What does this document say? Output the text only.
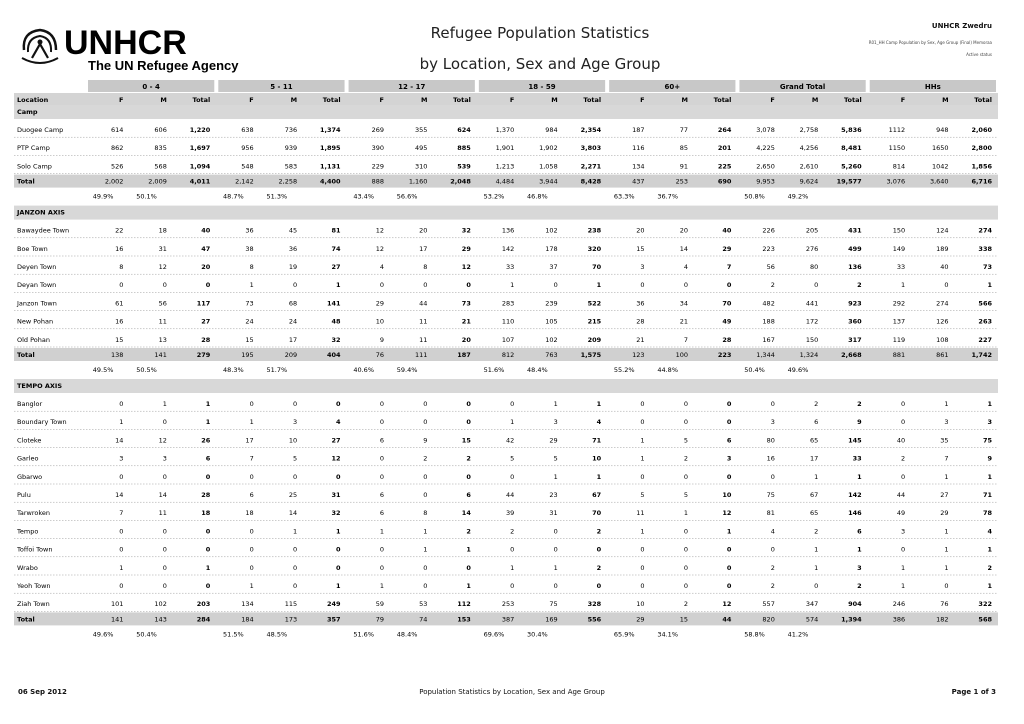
UNHCR
The UN Refugee Agency
Refugee Population Statistics
by Location, Sex and Age Group
UNHCR Zwedru
R01_HH Camp Population by Sex, Age Group (Final) Memoraa
Active status
0 - 4	5 - 11	12 - 17	18 - 59	60+	Grand Total	HHs
Location	F	M	Total	F	M	Total	F	M	Total	F	M	Total	F	M	Total	F	M	Total	F	M	Total
Camp
Duogee Camp	614	606	1,220	638	736	1,374	269	355	624	1,370	984	2,354	187	77	264	3,078	2,758	5,836	1112	948	2,060
PTP Camp	862	835	1,697	956	939	1,895	390	495	885	1,901	1,902	3,803	116	85	201	4,225	4,256	8,481	1150	1650	2,800
Solo Camp	526	568	1,094	548	583	1,131	229	310	539	1,213	1,058	2,271	134	91	225	2,650	2,610	5,260	814	1042	1,856
Total	2,002	2,009	4,011	2,142	2,258	4,400	888	1,160	2,048	4,484	3,944	8,428	437	253	690	9,953	9,624	19,577	3,076	3,640	6,716
49.9%	50.1%	48.7%	51.3%	43.4%	56.6%	53.2%	46.8%	63.3%	36.7%	50.8%	49.2%
JANZON AXIS
Bawaydee Town	22	18	40	36	45	81	12	20	32	136	102	238	20	20	40	226	205	431	150	124	274
Boe Town	16	31	47	38	36	74	12	17	29	142	178	320	15	14	29	223	276	499	149	189	338
Deyen Town	8	12	20	8	19	27	4	8	12	33	37	70	3	4	7	56	80	136	33	40	73
Deyan Town	0	0	0	1	0	1	0	0	0	1	0	1	0	0	0	2	0	2	1	0	1
Janzon Town	61	56	117	73	68	141	29	44	73	283	239	522	36	34	70	482	441	923	292	274	566
New Pohan	16	11	27	24	24	48	10	11	21	110	105	215	28	21	49	188	172	360	137	126	263
Old Pohan	15	13	28	15	17	32	9	11	20	107	102	209	21	7	28	167	150	317	119	108	227
Total	138	141	279	195	209	404	76	111	187	812	763	1,575	123	100	223	1,344	1,324	2,668	881	861	1,742
49.5%	50.5%	48.3%	51.7%	40.6%	59.4%	51.6%	48.4%	55.2%	44.8%	50.4%	49.6%
TEMPO AXIS
Banglor	0	1	1	0	0	0	0	0	0	0	1	1	0	0	0	0	2	2	0	1	1
Boundary Town	1	0	1	1	3	4	0	0	0	1	3	4	0	0	0	3	6	9	0	3	3
Cloteke	14	12	26	17	10	27	6	9	15	42	29	71	1	5	6	80	65	145	40	35	75
Garleo	3	3	6	7	5	12	0	2	2	5	5	10	1	2	3	16	17	33	2	7	9
Gbarwo	0	0	0	0	0	0	0	0	0	0	1	1	0	0	0	0	1	1	0	1	1
Pulu	14	14	28	6	25	31	6	0	6	44	23	67	5	5	10	75	67	142	44	27	71
Tarwroken	7	11	18	18	14	32	6	8	14	39	31	70	11	1	12	81	65	146	49	29	78
Tempo	0	0	0	0	1	1	1	1	2	2	0	2	1	0	1	4	2	6	3	1	4
Toffoi Town	0	0	0	0	0	0	0	1	1	0	0	0	0	0	0	0	1	1	0	1	1
Wrabo	1	0	1	0	0	0	0	0	0	1	1	2	0	0	0	2	1	3	1	1	2
Yeoh Town	0	0	0	1	0	1	1	0	1	0	0	0	0	0	0	2	0	2	1	0	1
Ziah Town	101	102	203	134	115	249	59	53	112	253	75	328	10	2	12	557	347	904	246	76	322
Total	141	143	284	184	173	357	79	74	153	387	169	556	29	15	44	820	574	1,394	386	182	568
49.6%	50.4%	51.5%	48.5%	51.6%	48.4%	69.6%	30.4%	65.9%	34.1%	58.8%	41.2%
06 Sep 2012	Population Statistics by Location, Sex and Age Group	Page 1 of 3
